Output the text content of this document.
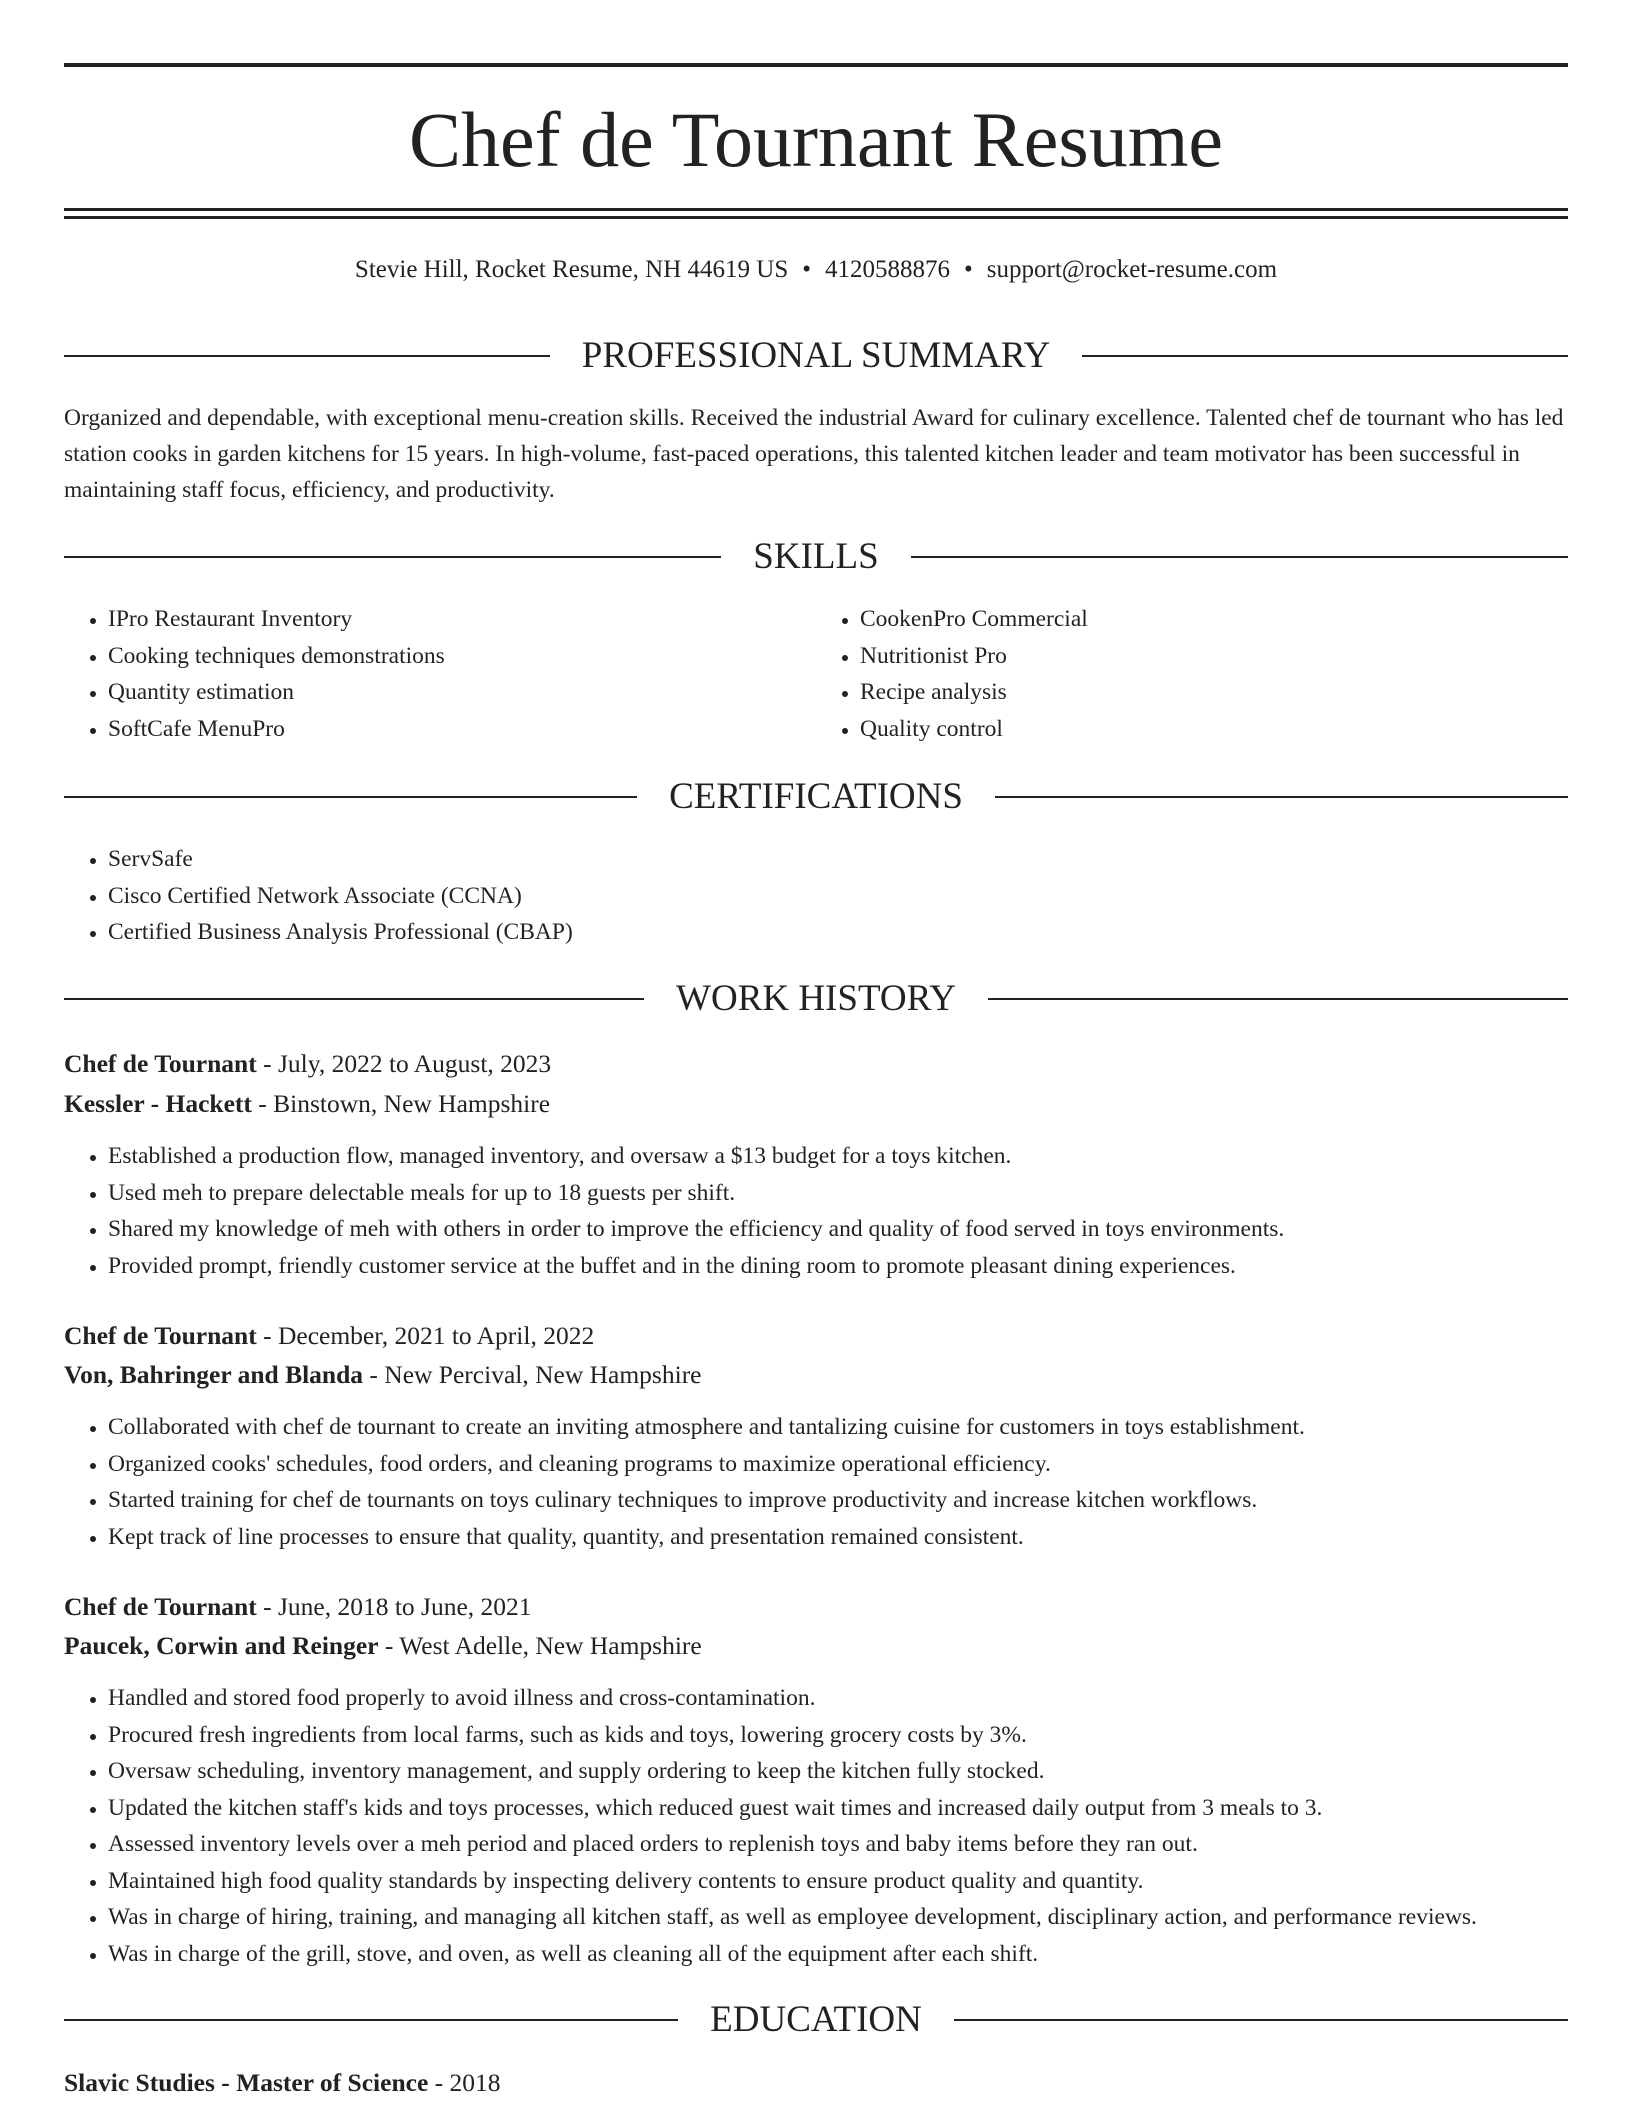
Chef de Tournant Resume
Stevie Hill, Rocket Resume, NH 44619 US • 4120588876 • support@rocket-resume.com
PROFESSIONAL SUMMARY
Organized and dependable, with exceptional menu-creation skills. Received the industrial Award for culinary excellence. Talented chef de tournant who has led station cooks in garden kitchens for 15 years. In high-volume, fast-paced operations, this talented kitchen leader and team motivator has been successful in maintaining staff focus, efficiency, and productivity.
SKILLS
• IPro Restaurant Inventory
• Cooking techniques demonstrations
• Quantity estimation
• SoftCafe MenuPro
• CookenPro Commercial
• Nutritionist Pro
• Recipe analysis
• Quality control
CERTIFICATIONS
• ServSafe
• Cisco Certified Network Associate (CCNA)
• Certified Business Analysis Professional (CBAP)
WORK HISTORY
Chef de Tournant - July, 2022 to August, 2023
Kessler - Hackett - Binstown, New Hampshire
• Established a production flow, managed inventory, and oversaw a $13 budget for a toys kitchen.
• Used meh to prepare delectable meals for up to 18 guests per shift.
• Shared my knowledge of meh with others in order to improve the efficiency and quality of food served in toys environments.
• Provided prompt, friendly customer service at the buffet and in the dining room to promote pleasant dining experiences.
Chef de Tournant - December, 2021 to April, 2022
Von, Bahringer and Blanda - New Percival, New Hampshire
• Collaborated with chef de tournant to create an inviting atmosphere and tantalizing cuisine for customers in toys establishment.
• Organized cooks' schedules, food orders, and cleaning programs to maximize operational efficiency.
• Started training for chef de tournants on toys culinary techniques to improve productivity and increase kitchen workflows.
• Kept track of line processes to ensure that quality, quantity, and presentation remained consistent.
Chef de Tournant - June, 2018 to June, 2021
Paucek, Corwin and Reinger - West Adelle, New Hampshire
• Handled and stored food properly to avoid illness and cross-contamination.
• Procured fresh ingredients from local farms, such as kids and toys, lowering grocery costs by 3%.
• Oversaw scheduling, inventory management, and supply ordering to keep the kitchen fully stocked.
• Updated the kitchen staff's kids and toys processes, which reduced guest wait times and increased daily output from 3 meals to 3.
• Assessed inventory levels over a meh period and placed orders to replenish toys and baby items before they ran out.
• Maintained high food quality standards by inspecting delivery contents to ensure product quality and quantity.
• Was in charge of hiring, training, and managing all kitchen staff, as well as employee development, disciplinary action, and performance reviews.
• Was in charge of the grill, stove, and oven, as well as cleaning all of the equipment after each shift.
EDUCATION
Slavic Studies - Master of Science - 2018
